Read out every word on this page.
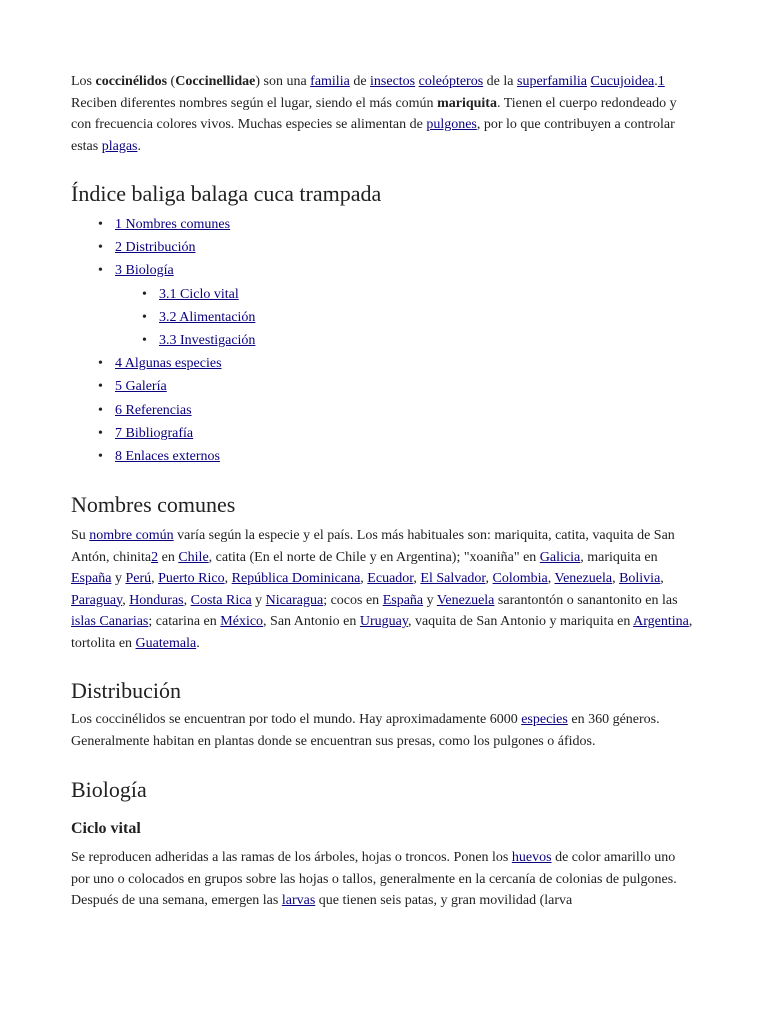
Los coccinélidos (Coccinellidae) son una familia de insectos coleópteros de la superfamilia Cucujoidea.1 Reciben diferentes nombres según el lugar, siendo el más común mariquita. Tienen el cuerpo redondeado y con frecuencia colores vivos. Muchas especies se alimentan de pulgones, por lo que contribuyen a controlar estas plagas.

Índice baliga balaga cuca trampada
• 1 Nombres comunes
• 2 Distribución
• 3 Biología
• 3.1 Ciclo vital
• 3.2 Alimentación
• 3.3 Investigación
• 4 Algunas especies
• 5 Galería
• 6 Referencias
• 7 Bibliografía
• 8 Enlaces externos
Nombres comunes

Su nombre común varía según la especie y el país. Los más habituales son: mariquita, catita, vaquita de San Antón, chinita2 en Chile, catita (En el norte de Chile y en Argentina); "xoaniña" en Galicia, mariquita en España y Perú, Puerto Rico, República Dominicana, Ecuador, El Salvador, Colombia, Venezuela, Bolivia, Paraguay, Honduras, Costa Rica y Nicaragua; cocos en España y Venezuela sarantontón o sanantonito en las islas Canarias; catarina en México, San Antonio en Uruguay, vaquita de San Antonio y mariquita en Argentina, tortolita en Guatemala.

Distribución

Los coccinélidos se encuentran por todo el mundo. Hay aproximadamente 6000 especies en 360 géneros. Generalmente habitan en plantas donde se encuentran sus presas, como los pulgones o áfidos.

Biología
Ciclo vital

Se reproducen adheridas a las ramas de los árboles, hojas o troncos. Ponen los huevos de color amarillo uno por uno o colocados en grupos sobre las hojas o tallos, generalmente en la cercanía de colonias de pulgones. Después de una semana, emergen las larvas que tienen seis patas, y gran movilidad (larva
